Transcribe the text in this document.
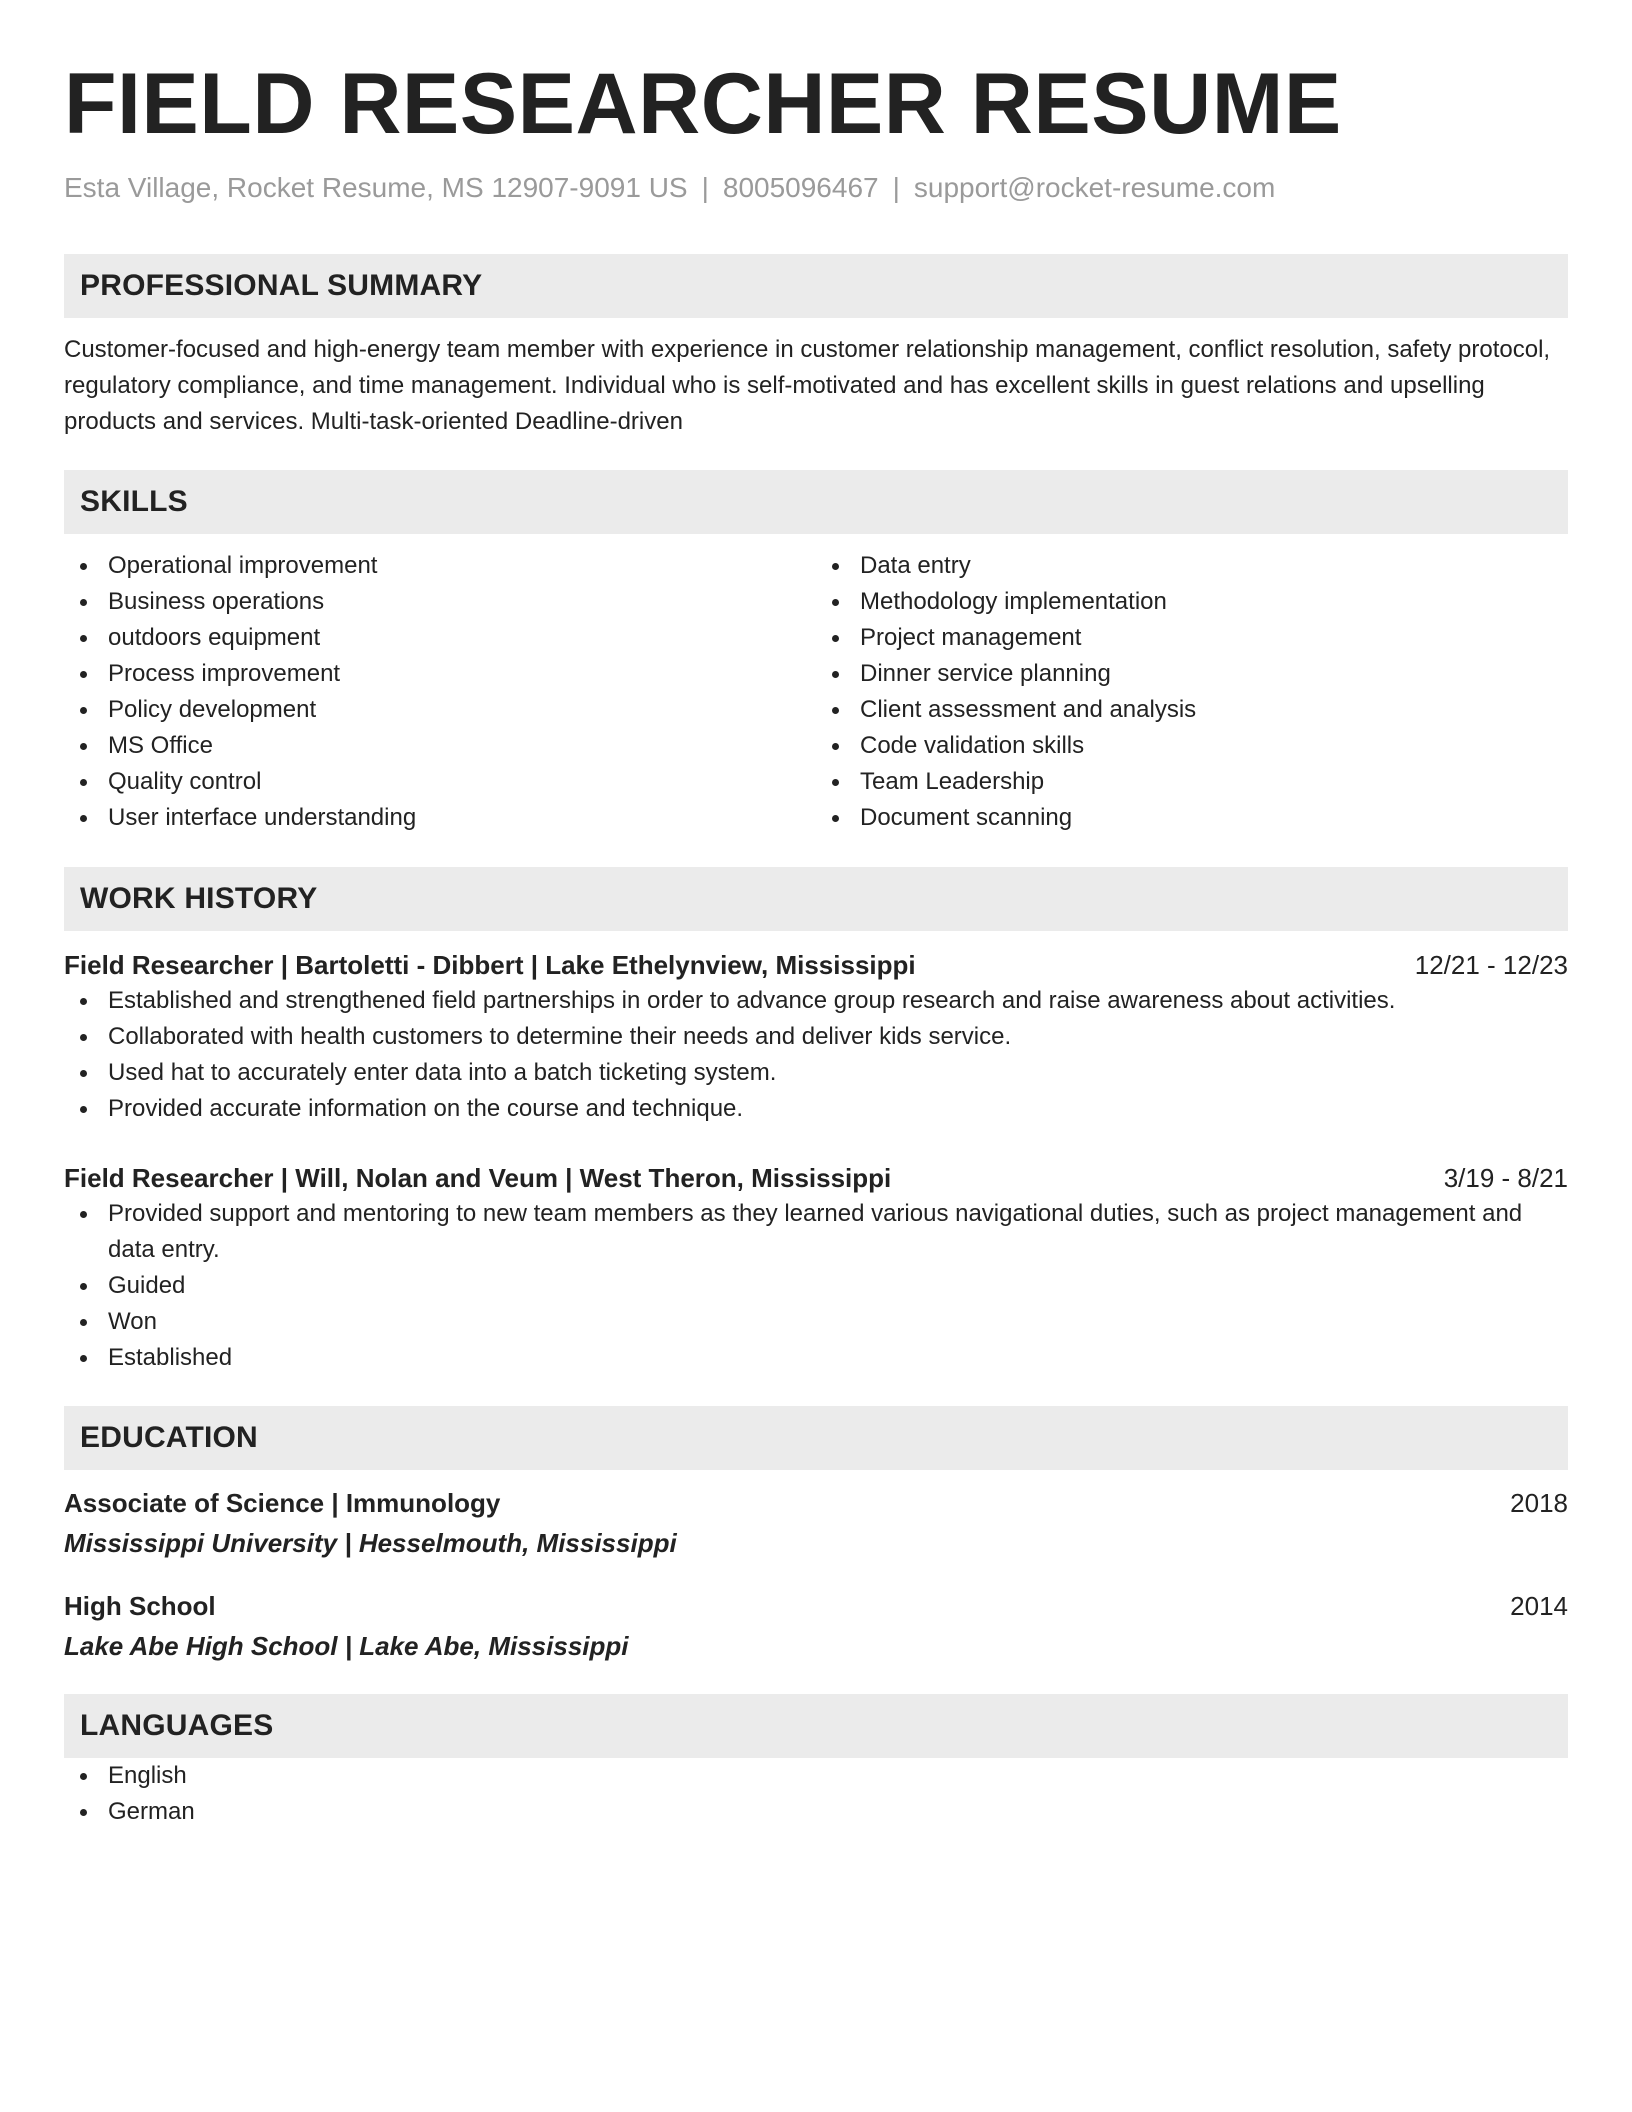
FIELD RESEARCHER RESUME
Esta Village, Rocket Resume, MS 12907-9091 US | 8005096467 | support@rocket-resume.com
PROFESSIONAL SUMMARY

Customer-focused and high-energy team member with experience in customer relationship management, conflict resolution, safety protocol, regulatory compliance, and time management. Individual who is self-motivated and has excellent skills in guest relations and upselling products and services. Multi-task-oriented Deadline-driven

SKILLS
Operational improvement
Business operations
outdoors equipment
Process improvement
Policy development
MS Office
Quality control
User interface understanding
Data entry
Methodology implementation
Project management
Dinner service planning
Client assessment and analysis
Code validation skills
Team Leadership
Document scanning
WORK HISTORY
Field Researcher | Bartoletti - Dibbert | Lake Ethelynview, Mississippi	12/21 - 12/23
Established and strengthened field partnerships in order to advance group research and raise awareness about activities.
Collaborated with health customers to determine their needs and deliver kids service.
Used hat to accurately enter data into a batch ticketing system.
Provided accurate information on the course and technique.
Field Researcher | Will, Nolan and Veum | West Theron, Mississippi	3/19 - 8/21
Provided support and mentoring to new team members as they learned various navigational duties, such as project management and data entry.
Guided
Won
Established
EDUCATION
Associate of Science | Immunology	2018
Mississippi University | Hesselmouth, Mississippi
High School	2014
Lake Abe High School | Lake Abe, Mississippi
LANGUAGES
English
German
